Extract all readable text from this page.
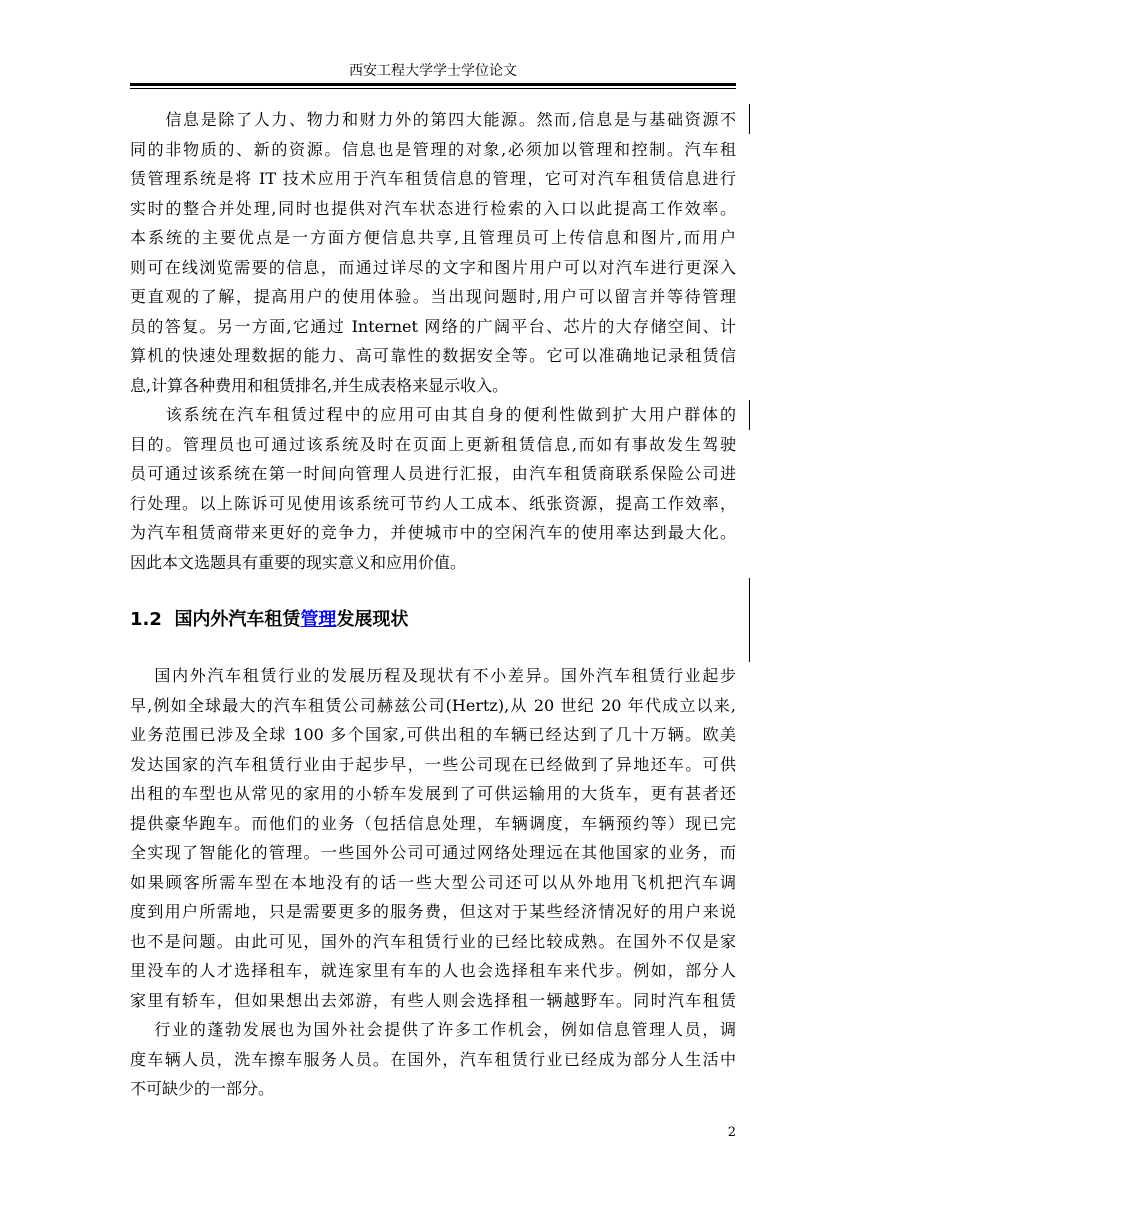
西安工程大学学士学位论文
　　信息是除了人力、物力和财力外的第四大能源。然而,信息是与基础资源不
同的非物质的、新的资源。信息也是管理的对象,必须加以管理和控制。汽车租
赁管理系统是将 IT 技术应用于汽车租赁信息的管理，它可对汽车租赁信息进行
实时的整合并处理,同时也提供对汽车状态进行检索的入口以此提高工作效率。
本系统的主要优点是一方面方便信息共享,且管理员可上传信息和图片,而用户
则可在线浏览需要的信息，而通过详尽的文字和图片用户可以对汽车进行更深入
更直观的了解，提高用户的使用体验。当出现问题时,用户可以留言并等待管理
员的答复。另一方面,它通过 Internet 网络的广阔平台、芯片的大存储空间、计
算机的快速处理数据的能力、高可靠性的数据安全等。它可以准确地记录租赁信
息,计算各种费用和租赁排名,并生成表格来显示收入。
　　该系统在汽车租赁过程中的应用可由其自身的便利性做到扩大用户群体的
目的。管理员也可通过该系统及时在页面上更新租赁信息,而如有事故发生驾驶
员可通过该系统在第一时间向管理人员进行汇报，由汽车租赁商联系保险公司进
行处理。以上陈诉可见使用该系统可节约人工成本、纸张资源，提高工作效率，
为汽车租赁商带来更好的竞争力，并使城市中的空闲汽车的使用率达到最大化。
因此本文选题具有重要的现实意义和应用价值。
1.2 国内外汽车租赁管理发展现状
　 国内外汽车租赁行业的发展历程及现状有不小差异。国外汽车租赁行业起步
早,例如全球最大的汽车租赁公司赫兹公司(Hertz),从 20 世纪 20 年代成立以来,
业务范围已涉及全球 100 多个国家,可供出租的车辆已经达到了几十万辆。欧美
发达国家的汽车租赁行业由于起步早，一些公司现在已经做到了异地还车。可供
出租的车型也从常见的家用的小轿车发展到了可供运输用的大货车，更有甚者还
提供豪华跑车。而他们的业务（包括信息处理，车辆调度，车辆预约等）现已完
全实现了智能化的管理。一些国外公司可通过网络处理远在其他国家的业务，而
如果顾客所需车型在本地没有的话一些大型公司还可以从外地用飞机把汽车调
度到用户所需地，只是需要更多的服务费，但这对于某些经济情况好的用户来说
也不是问题。由此可见，国外的汽车租赁行业的已经比较成熟。在国外不仅是家
里没车的人才选择租车，就连家里有车的人也会选择租车来代步。例如，部分人
家里有轿车，但如果想出去郊游，有些人则会选择租一辆越野车。同时汽车租赁
　 行业的蓬勃发展也为国外社会提供了许多工作机会，例如信息管理人员，调
度车辆人员，洗车擦车服务人员。在国外，汽车租赁行业已经成为部分人生活中
不可缺少的一部分。
2
